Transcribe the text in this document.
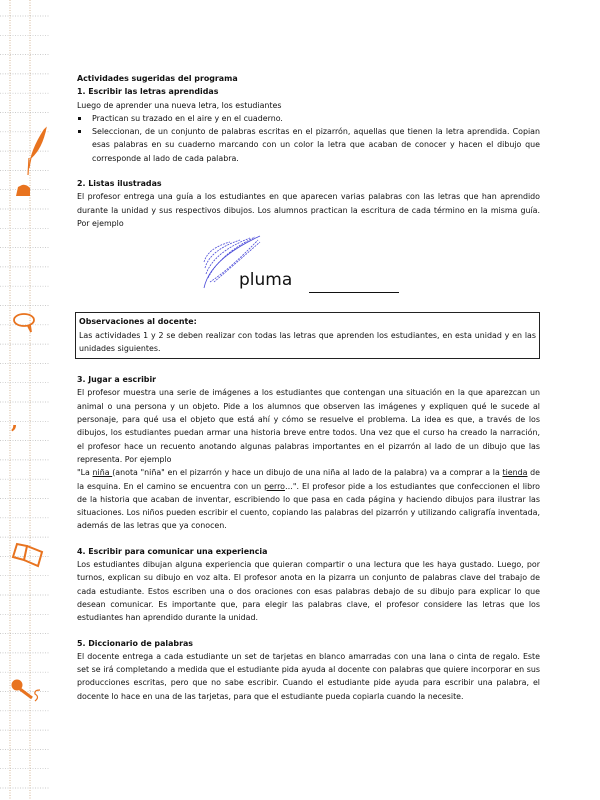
,

Actividades sugeridas del programa

1. Escribir las letras aprendidas

Luego de aprender una nueva letra, los estudiantes

Practican su trazado en el aire y en el cuaderno.
Seleccionan, de un conjunto de palabras escritas en el pizarrón, aquellas que tienen la letra aprendida. Copian esas palabras en su cuaderno marcando con un color la letra que acaban de conocer y hacen el dibujo que corresponde al lado de cada palabra.

2. Listas ilustradas

El profesor entrega una guía a los estudiantes en que aparecen varias palabras con las letras que han aprendido durante la unidad y sus respectivos dibujos. Los alumnos practican la escritura de cada término en la misma guía. Por ejemplo

pluma

Observaciones al docente:

Las actividades 1 y 2 se deben realizar con todas las letras que aprenden los estudiantes, en esta unidad y en las unidades siguientes.

3. Jugar a escribir

El profesor muestra una serie de imágenes a los estudiantes que contengan una situación en la que aparezcan un animal o una persona y un objeto. Pide a los alumnos que observen las imágenes y expliquen qué le sucede al personaje, para qué usa el objeto que está ahí y cómo se resuelve el problema. La idea es que, a través de los dibujos, los estudiantes puedan armar una historia breve entre todos. Una vez que el curso ha creado la narración, el profesor hace un recuento anotando algunas palabras importantes en el pizarrón al lado de un dibujo que las representa. Por ejemplo

"La niña (anota "niña" en el pizarrón y hace un dibujo de una niña al lado de la palabra) va a comprar a la tienda de la esquina. En el camino se encuentra con un perro…". El profesor pide a los estudiantes que confeccionen el libro de la historia que acaban de inventar, escribiendo lo que pasa en cada página y haciendo dibujos para ilustrar las situaciones. Los niños pueden escribir el cuento, copiando las palabras del pizarrón y utilizando caligrafía inventada, además de las letras que ya conocen.

4. Escribir para comunicar una experiencia

Los estudiantes dibujan alguna experiencia que quieran compartir o una lectura que les haya gustado. Luego, por turnos, explican su dibujo en voz alta. El profesor anota en la pizarra un conjunto de palabras clave del trabajo de cada estudiante. Estos escriben una o dos oraciones con esas palabras debajo de su dibujo para explicar lo que desean comunicar. Es importante que, para elegir las palabras clave, el profesor considere las letras que los estudiantes han aprendido durante la unidad.

5. Diccionario de palabras

El docente entrega a cada estudiante un set de tarjetas en blanco amarradas con una lana o cinta de regalo. Este set se irá completando a medida que el estudiante pida ayuda al docente con palabras que quiere incorporar en sus producciones escritas, pero que no sabe escribir. Cuando el estudiante pide ayuda para escribir una palabra, el docente lo hace en una de las tarjetas, para que el estudiante pueda copiarla cuando la necesite.
